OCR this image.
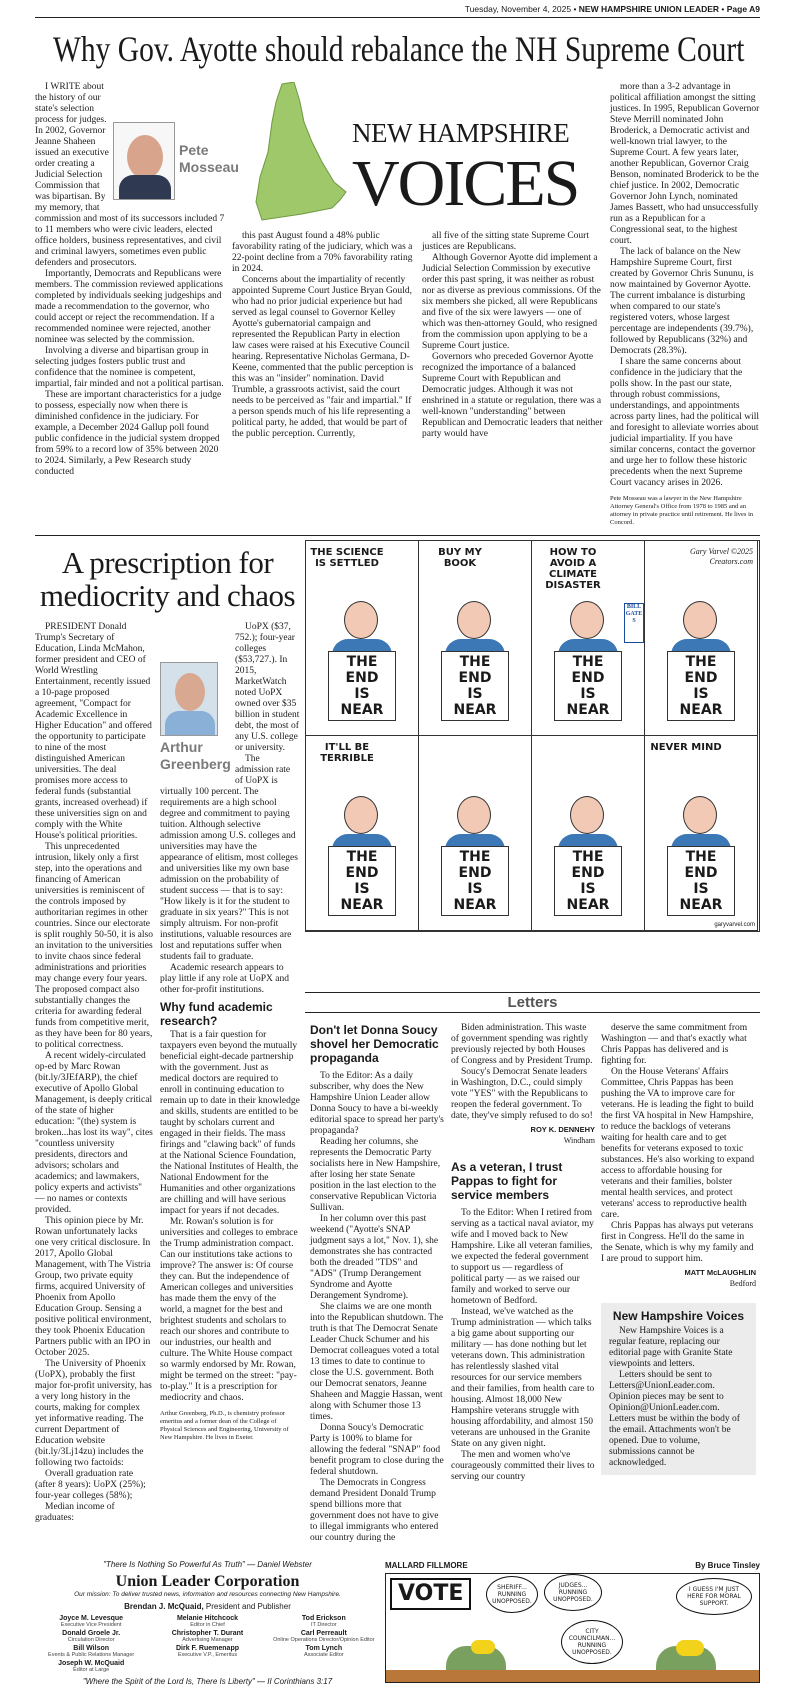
Tuesday, November 4, 2025 • NEW HAMPSHIRE UNION LEADER • Page A9
Why Gov. Ayotte should rebalance the NH Supreme Court
Pete
Mosseau

I WRITE about the history of our state's selection process for judges. In 2002, Governor Jeanne Shaheen issued an executive order creating a Judicial Selection Commission that was bipartisan. By my memory, that commission and most of its successors included 7 to 11 members who were civic leaders, elected office holders, business representatives, and civil and criminal lawyers, sometimes even public defenders and prosecutors.

Importantly, Democrats and Republicans were members. The commission reviewed applications completed by individuals seeking judgeships and made a recommendation to the governor, who could accept or reject the recommendation. If a recommended nominee were rejected, another nominee was selected by the commission.

Involving a diverse and bipartisan group in selecting judges fosters public trust and confidence that the nominee is competent, impartial, fair minded and not a political partisan.

These are important characteristics for a judge to possess, especially now when there is diminished confidence in the judiciary. For example, a December 2024 Gallup poll found public confidence in the judicial system dropped from 59% to a record low of 35% between 2020 to 2024. Similarly, a Pew Research study conducted

NEW HAMPSHIRE
VOICES

this past August found a 48% public favorability rating of the judiciary, which was a 22-point decline from a 70% favorability rating in 2024.

Concerns about the impartiality of recently appointed Supreme Court Justice Bryan Gould, who had no prior judicial experience but had served as legal counsel to Governor Kelley Ayotte's gubernatorial campaign and represented the Republican Party in election law cases were raised at his Executive Council hearing. Representative Nicholas Germana, D-Keene, commented that the public perception is this was an "insider" nomination. David Trumble, a grassroots activist, said the court needs to be perceived as "fair and impartial." If a person spends much of his life representing a political party, he added, that would be part of the public perception. Currently,

all five of the sitting state Supreme Court justices are Republicans.

Although Governor Ayotte did implement a Judicial Selection Commission by executive order this past spring, it was neither as robust nor as diverse as previous commissions. Of the six members she picked, all were Republicans and five of the six were lawyers — one of which was then-attorney Gould, who resigned from the commission upon applying to be a Supreme Court justice.

Governors who preceded Governor Ayotte recognized the importance of a balanced Supreme Court with Republican and Democratic judges. Although it was not enshrined in a statute or regulation, there was a well-known "understanding" between Republican and Democratic leaders that neither party would have

more than a 3-2 advantage in political affiliation amongst the sitting justices. In 1995, Republican Governor Steve Merrill nominated John Broderick, a Democratic activist and well-known trial lawyer, to the Supreme Court. A few years later, another Republican, Governor Craig Benson, nominated Broderick to be the chief justice. In 2002, Democratic Governor John Lynch, nominated James Bassett, who had unsuccessfully run as a Republican for a Congressional seat, to the highest court.

The lack of balance on the New Hampshire Supreme Court, first created by Governor Chris Sununu, is now maintained by Governor Ayotte. The current imbalance is disturbing when compared to our state's registered voters, whose largest percentage are independents (39.7%), followed by Republicans (32%) and Democrats (28.3%).

I share the same concerns about confidence in the judiciary that the polls show. In the past our state, through robust commissions, understandings, and appointments across party lines, had the political will and foresight to alleviate worries about judicial impartiality. If you have similar concerns, contact the governor and urge her to follow these historic precedents when the next Supreme Court vacancy arises in 2026.

Pete Mosseau was a lawyer in the New Hampshire Attorney General's Office from 1978 to 1985 and an attorney in private practice until retirement. He lives in Concord.
A prescription for mediocrity and chaos

PRESIDENT Donald Trump's Secretary of Education, Linda McMahon, former president and CEO of World Wrestling Entertainment, recently issued a 10-page proposed agreement, "Compact for Academic Excellence in Higher Education" and offered the opportunity to participate to nine of the most distinguished American universities. The deal promises more access to federal funds (substantial grants, increased overhead) if these universities sign on and comply with the White House's political priorities.

This unprecedented intrusion, likely only a first step, into the operations and financing of American universities is reminiscent of the controls imposed by authoritarian regimes in other countries. Since our electorate is split roughly 50-50, it is also an invitation to the universities to invite chaos since federal administrations and priorities may change every four years. The proposed compact also substantially changes the criteria for awarding federal funds from competitive merit, as they have been for 80 years, to political correctness.

A recent widely-circulated op-ed by Marc Rowan (bit.ly/3JEfARP), the chief executive of Apollo Global Management, is deeply critical of the state of higher education: "(the) system is broken...has lost its way", cites "countless university presidents, directors and advisors; scholars and academics; and lawmakers, policy experts and activists" — no names or contexts provided.

This opinion piece by Mr. Rowan unfortunately lacks one very critical disclosure. In 2017, Apollo Global Management, with The Vistria Group, two private equity firms, acquired University of Phoenix from Apollo Education Group. Sensing a positive political environment, they took Phoenix Education Partners public with an IPO in October 2025.

The University of Phoenix (UoPX), probably the first major for-profit university, has a very long history in the courts, making for complex yet informative reading. The current Department of Education website (bit.ly/3Lj14zu) includes the following two factoids:

Overall graduation rate (after 8 years): UoPX (25%); four-year colleges (58%);

Median income of graduates:

Arthur
Greenberg

UoPX ($37, 752.); four-year colleges ($53,727.). In 2015, MarketWatch noted UoPX owned over $35 billion in student debt, the most of any U.S. college or university.

The admission rate of UoPX is virtually 100 percent. The requirements are a high school degree and commitment to paying tuition. Although selective admission among U.S. colleges and universities may have the appearance of elitism, most colleges and universities like my own base admission on the probability of student success — that is to say: "How likely is it for the student to graduate in six years?" This is not simply altruism. For non-profit institutions, valuable resources are lost and reputations suffer when students fail to graduate.

Academic research appears to play little if any role at UoPX and other for-profit institutions.

Why fund academic research?

That is a fair question for taxpayers even beyond the mutually beneficial eight-decade partnership with the government. Just as medical doctors are required to enroll in continuing education to remain up to date in their knowledge and skills, students are entitled to be taught by scholars current and engaged in their fields. The mass firings and "clawing back" of funds at the National Science Foundation, the National Institutes of Health, the National Endowment for the Humanities and other organizations are chilling and will have serious impact for years if not decades.

Mr. Rowan's solution is for universities and colleges to embrace the Trump administration compact. Can our institutions take actions to improve? The answer is: Of course they can. But the independence of American colleges and universities has made them the envy of the world, a magnet for the best and brightest students and scholars to reach our shores and contribute to our industries, our health and culture. The White House compact so warmly endorsed by Mr. Rowan, might be termed on the street: "pay-to-play." It is a prescription for mediocrity and chaos.

Arthur Greenberg, Ph.D., is chemistry professor emeritus and a former dean of the College of Physical Sciences and Engineering, University of New Hampshire. He lives in Exeter.
THE SCIENCE IS SETTLED
THE
END
IS
NEAR
BUY MY BOOK
THE
END
IS
NEAR
HOW TO AVOID A CLIMATE DISASTER
THE
END
IS
NEAR
THE
END
IS
NEAR
IT'LL BE TERRIBLE
THE
END
IS
NEAR
THE
END
IS
NEAR
THE
END
IS
NEAR
NEVER MIND
THE
END
IS
NEAR
Gary Varvel ©2025 Creators.com
BILL GATES
garyvarvel.com
Letters
Don't let Donna Soucy shovel her Democratic propaganda

To the Editor: As a daily subscriber, why does the New Hampshire Union Leader allow Donna Soucy to have a bi-weekly editorial space to spread her party's propaganda?

Reading her columns, she represents the Democratic Party socialists here in New Hampshire, after losing her state Senate position in the last election to the conservative Republican Victoria Sullivan.

In her column over this past weekend ("Ayotte's SNAP judgment says a lot," Nov. 1), she demonstrates she has contracted both the dreaded "TDS" and "ADS" (Trump Derangement Syndrome and Ayotte Derangement Syndrome).

She claims we are one month into the Republican shutdown. The truth is that The Democrat Senate Leader Chuck Schumer and his Democrat colleagues voted a total 13 times to date to continue to close the U.S. government. Both our Democrat senators, Jeanne Shaheen and Maggie Hassan, went along with Schumer those 13 times.

Donna Soucy's Democratic Party is 100% to blame for allowing the federal "SNAP" food benefit program to close during the federal shutdown.

The Democrats in Congress demand President Donald Trump spend billions more that government does not have to give to illegal immigrants who entered our country during the

Biden administration. This waste of government spending was rightly previously rejected by both Houses of Congress and by President Trump.

Soucy's Democrat Senate leaders in Washington, D.C., could simply vote "YES" with the Republicans to reopen the federal government. To date, they've simply refused to do so!

ROY K. DENNEHY
Windham
As a veteran, I trust Pappas to fight for service members

To the Editor: When I retired from serving as a tactical naval aviator, my wife and I moved back to New Hampshire. Like all veteran families, we expected the federal government to support us — regardless of political party — as we raised our family and worked to serve our hometown of Bedford.

Instead, we've watched as the Trump administration — which talks a big game about supporting our military — has done nothing but let veterans down. This administration has relentlessly slashed vital resources for our service members and their families, from health care to housing. Almost 18,000 New Hampshire veterans struggle with housing affordability, and almost 150 veterans are unhoused in the Granite State on any given night.

The men and women who've courageously committed their lives to serving our country

deserve the same commitment from Washington — and that's exactly what Chris Pappas has delivered and is fighting for.

On the House Veterans' Affairs Committee, Chris Pappas has been pushing the VA to improve care for veterans. He is leading the fight to build the first VA hospital in New Hampshire, to reduce the backlogs of veterans waiting for health care and to get benefits for veterans exposed to toxic substances. He's also working to expand access to affordable housing for veterans and their families, bolster mental health services, and protect veterans' access to reproductive health care.

Chris Pappas has always put veterans first in Congress. He'll do the same in the Senate, which is why my family and I are proud to support him.

MATT McLAUGHLIN
Bedford
New Hampshire Voices

New Hampshire Voices is a regular feature, replacing our editorial page with Granite State viewpoints and letters.

Letters should be sent to Letters@UnionLeader.com. Opinion pieces may be sent to Opinion@UnionLeader.com. Letters must be within the body of the email. Attachments won't be opened. Due to volume, submissions cannot be acknowledged.

"There Is Nothing So Powerful As Truth" — Daniel Webster
Union Leader Corporation
Our mission: To deliver trusted news, information and resources connecting New Hampshire.
Brendan J. McQuaid, President and Publisher
Joyce M. Levesque
Executive Vice President
Melanie Hitchcock
Editor in Chief
Tod Erickson
IT Director
Donald Groele Jr.
Circulation Director
Christopher T. Durant
Advertising Manager
Carl Perreault
Online Operations Director/Opinion Editor
Bill Wilson
Events & Public Relations Manager
Dirk F. Ruemenapp
Executive V.P., Emeritus
Tom Lynch
Associate Editor
Joseph W. McQuaid
Editor at Large
"Where the Spirit of the Lord Is, There Is Liberty" — II Corinthians 3:17
MALLARD FILLMORE	By Bruce Tinsley
VOTE	SHERIFF... RUNNING UNOPPOSED.
JUDGES... RUNNING UNOPPOSED.
CITY COUNCILMAN... RUNNING UNOPPOSED.
I GUESS I'M JUST HERE FOR MORAL SUPPORT.
